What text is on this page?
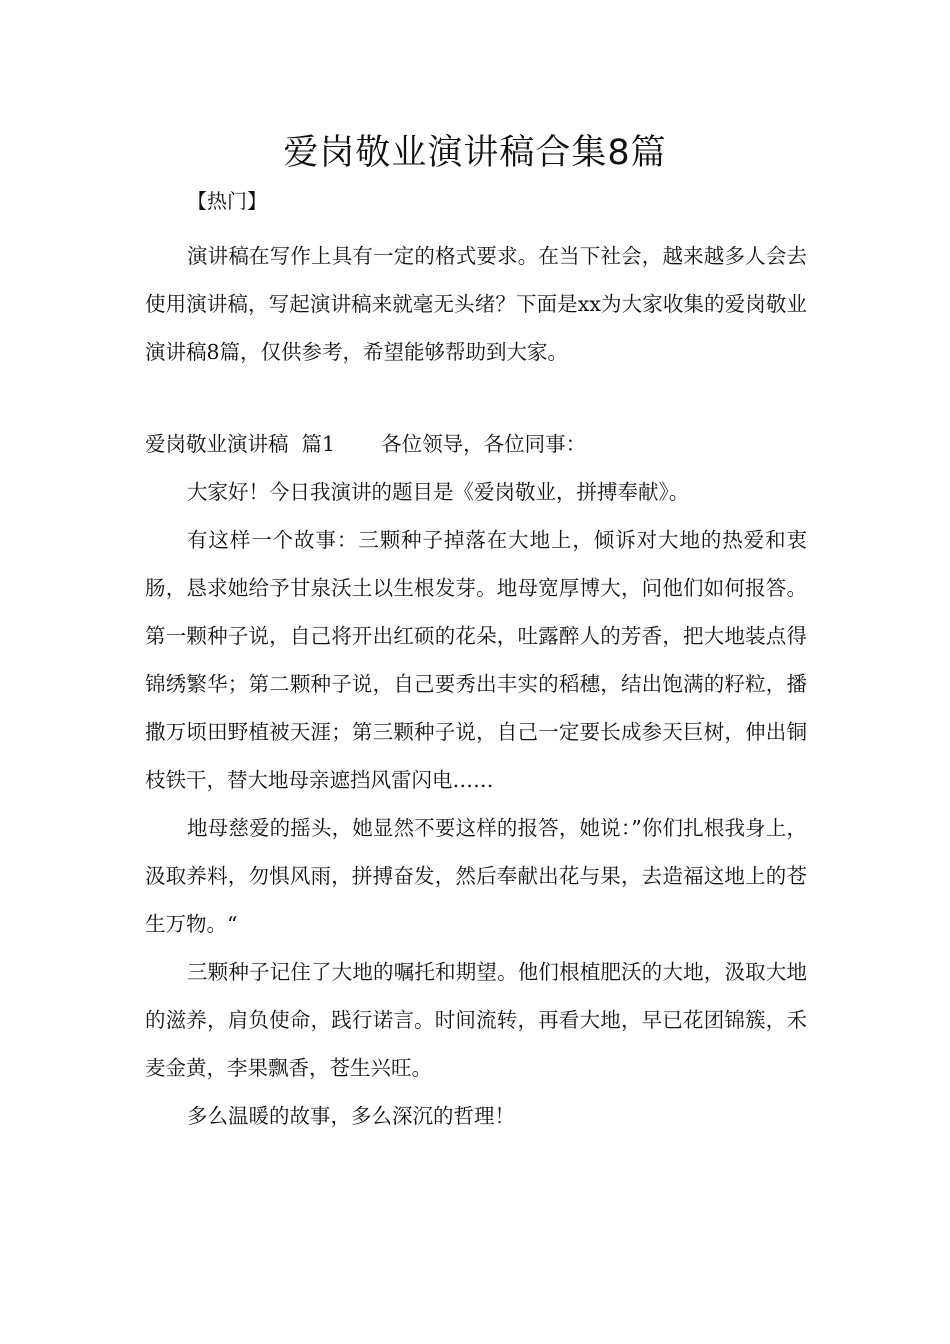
爱岗敬业演讲稿合集8篇
【热门】

演讲稿在写作上具有一定的格式要求。在当下社会，越来越多人会去使用演讲稿，写起演讲稿来就毫无头绪？下面是xx为大家收集的爱岗敬业演讲稿8篇，仅供参考，希望能够帮助到大家。

爱岗敬业演讲稿  篇1 各位领导，各位同事：

大家好！今日我演讲的题目是《爱岗敬业，拼搏奉献》。

有这样一个故事：三颗种子掉落在大地上，倾诉对大地的热爱和衷肠，恳求她给予甘泉沃土以生根发芽。地母宽厚博大，问他们如何报答。第一颗种子说，自己将开出红硕的花朵，吐露醉人的芳香，把大地装点得锦绣繁华；第二颗种子说，自己要秀出丰实的稻穗，结出饱满的籽粒，播撒万顷田野植被天涯；第三颗种子说，自己一定要长成参天巨树，伸出铜枝铁干，替大地母亲遮挡风雷闪电……

地母慈爱的摇头，她显然不要这样的报答，她说：”你们扎根我身上，汲取养料，勿惧风雨，拼搏奋发，然后奉献出花与果，去造福这地上的苍生万物。“

三颗种子记住了大地的嘱托和期望。他们根植肥沃的大地，汲取大地的滋养，肩负使命，践行诺言。时间流转，再看大地，早已花团锦簇，禾麦金黄，李果飘香，苍生兴旺。

多么温暖的故事，多么深沉的哲理！
